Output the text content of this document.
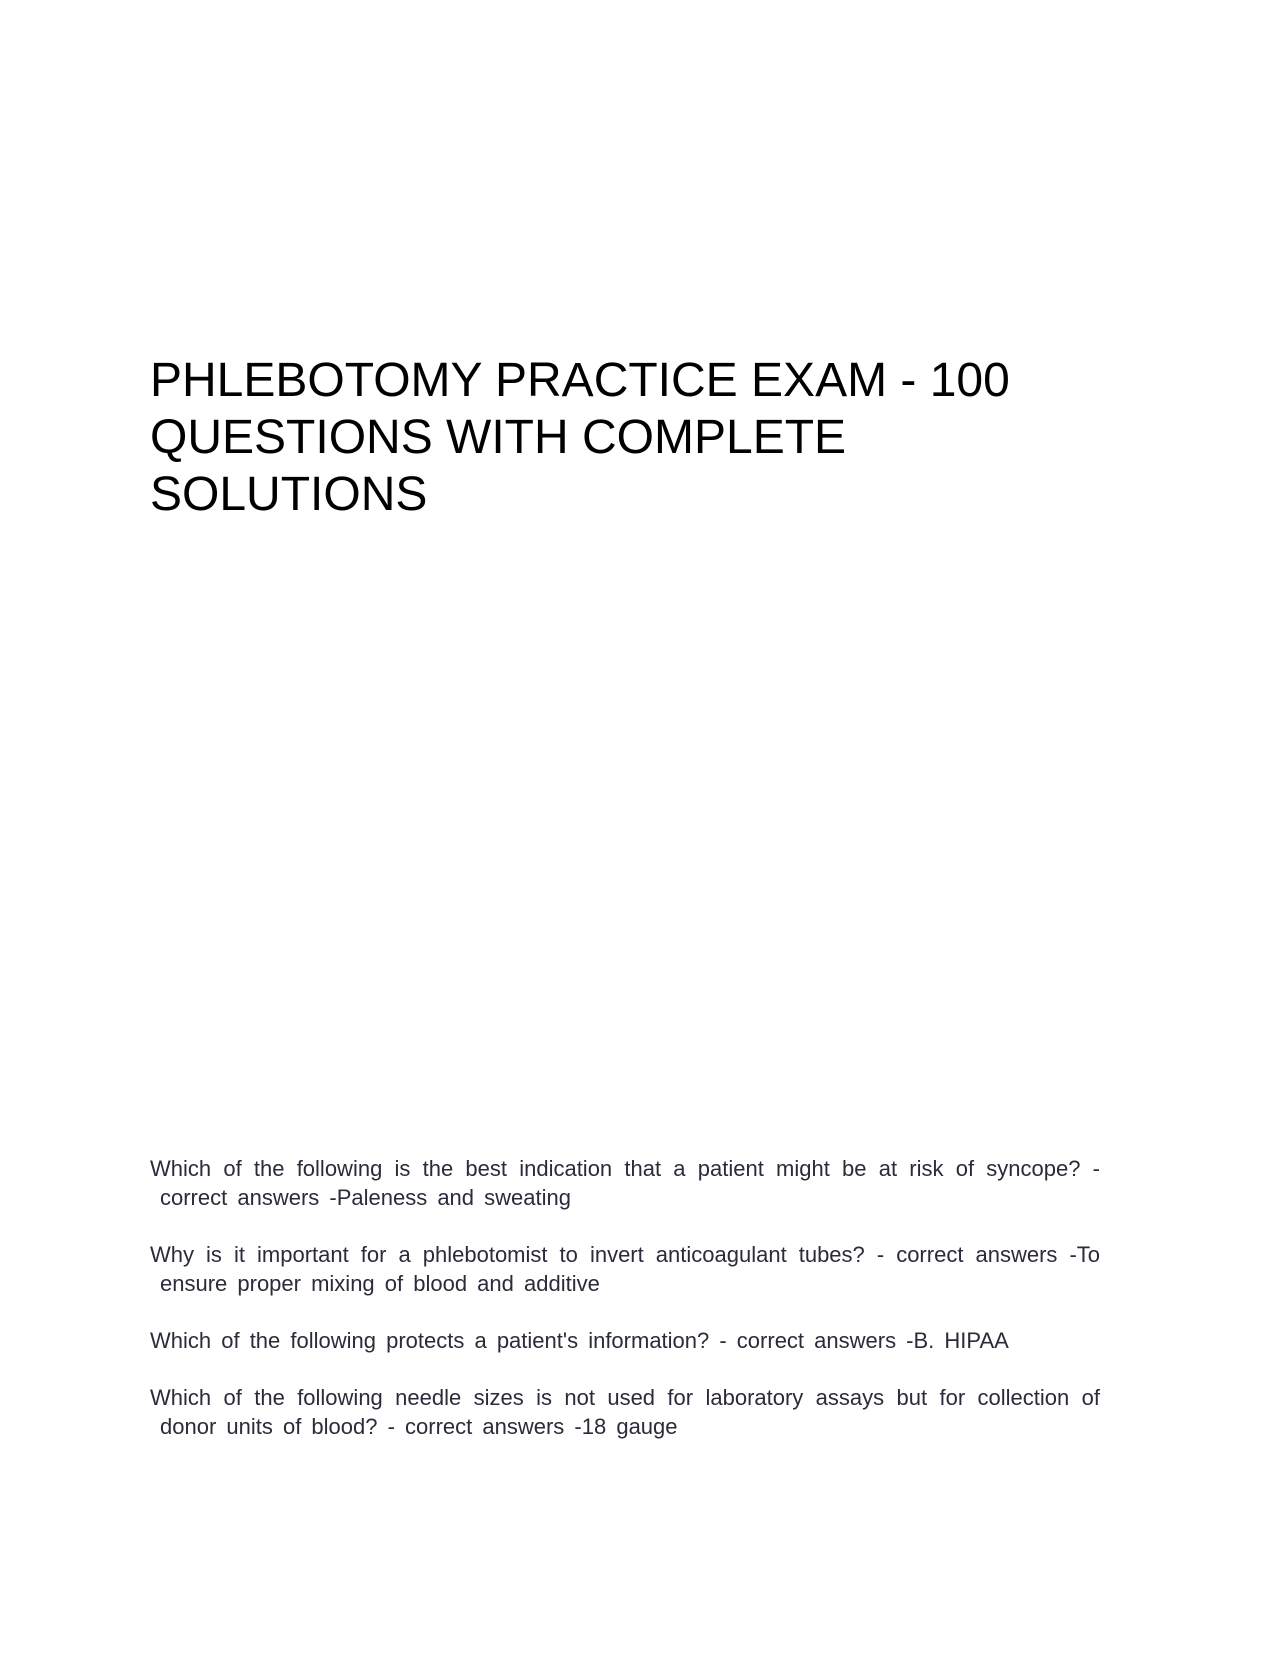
PHLEBOTOMY PRACTICE EXAM - 100 QUESTIONS WITH COMPLETE SOLUTIONS
Which of the following is the best indication that a patient might be at risk of syncope? - correct answers -Paleness and sweating
Why is it important for a phlebotomist to invert anticoagulant tubes? - correct answers -To ensure proper mixing of blood and additive
Which of the following protects a patient's information? - correct answers -B. HIPAA
Which of the following needle sizes is not used for laboratory assays but for collection of donor units of blood? - correct answers -18 gauge
